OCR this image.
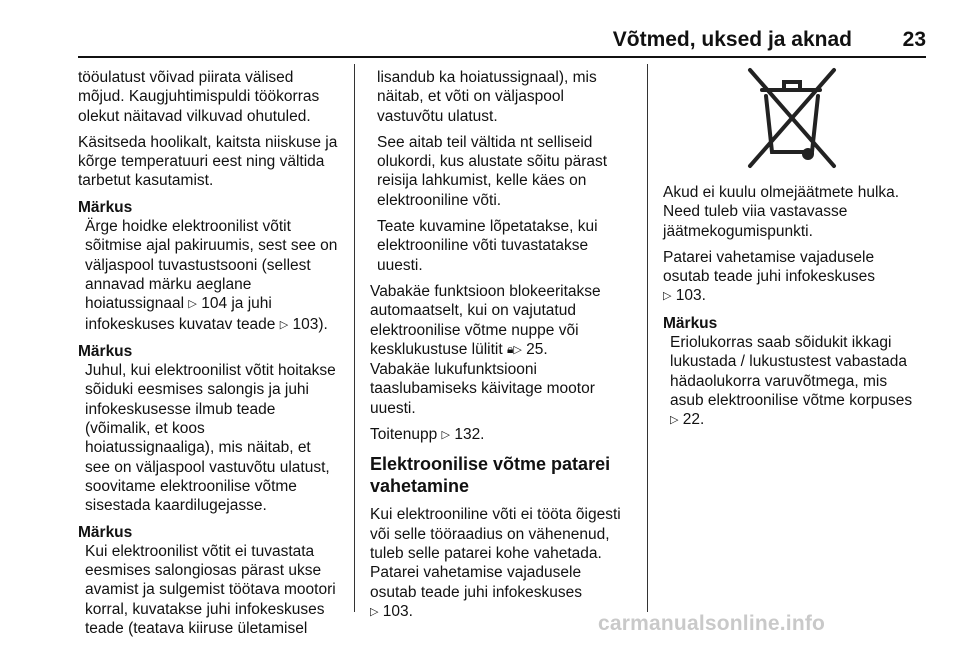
Võtmed, uksed ja aknad	23

tööulatust võivad piirata välised
mõjud. Kaugjuhtimispuldi töökorras
olekut näitavad vilkuvad ohutuled.

Käsitseda hoolikalt, kaitsta niiskuse ja
kõrge temperatuuri eest ning vältida
tarbetut kasutamist.

Märkus

Ärge hoidke elektroonilist võtit
sõitmise ajal pakiruumis, sest see on
väljaspool tuvastustsooni (sellest
annavad märku aeglane
hoiatussignaal ▷ 104 ja juhi
infokeskuses kuvatav teade ▷ 103).

Märkus

Juhul, kui elektroonilist võtit hoitakse
sõiduki eesmises salongis ja juhi
infokeskusesse ilmub teade
(võimalik, et koos
hoiatussignaaliga), mis näitab, et
see on väljaspool vastuvõtu ulatust,
soovitame elektroonilise võtme
sisestada kaardilugejasse.

Märkus

Kui elektroonilist võtit ei tuvastata
eesmises salongiosas pärast ukse
avamist ja sulgemist töötava mootori
korral, kuvatakse juhi infokeskuses
teade (teatava kiiruse ületamisel

lisandub ka hoiatussignaal), mis
näitab, et võti on väljaspool
vastuvõtu ulatust.

See aitab teil vältida nt selliseid
olukordi, kus alustate sõitu pärast
reisija lahkumist, kelle käes on
elektrooniline võti.

Teate kuvamine lõpetatakse, kui
elektrooniline võti tuvastatakse
uuesti.

Vabakäe funktsioon blokeeritakse
automaatselt, kui on vajutatud
elektroonilise võtme nuppe või
kesklukustuse lülitit 🔒︎▷ 25.
Vabakäe lukufunktsiooni
taaslubamiseks käivitage mootor
uuesti.

Toitenupp ▷ 132.

Elektroonilise võtme patarei
vahetamine

Kui elektrooniline võti ei tööta õigesti
või selle tööraadius on vähenenud,
tuleb selle patarei kohe vahetada.
Patarei vahetamise vajadusele
osutab teade juhi infokeskuses
▷ 103.

Akud ei kuulu olmejäätmete hulka.
Need tuleb viia vastavasse
jäätmekogumispunkti.

Patarei vahetamise vajadusele
osutab teade juhi infokeskuses
▷ 103.

Märkus

Eriolukorras saab sõidukit ikkagi
lukustada / lukustustest vabastada
hädaolukorra varuvõtmega, mis
asub elektroonilise võtme korpuses
▷ 22.

carmanualsonline.info
